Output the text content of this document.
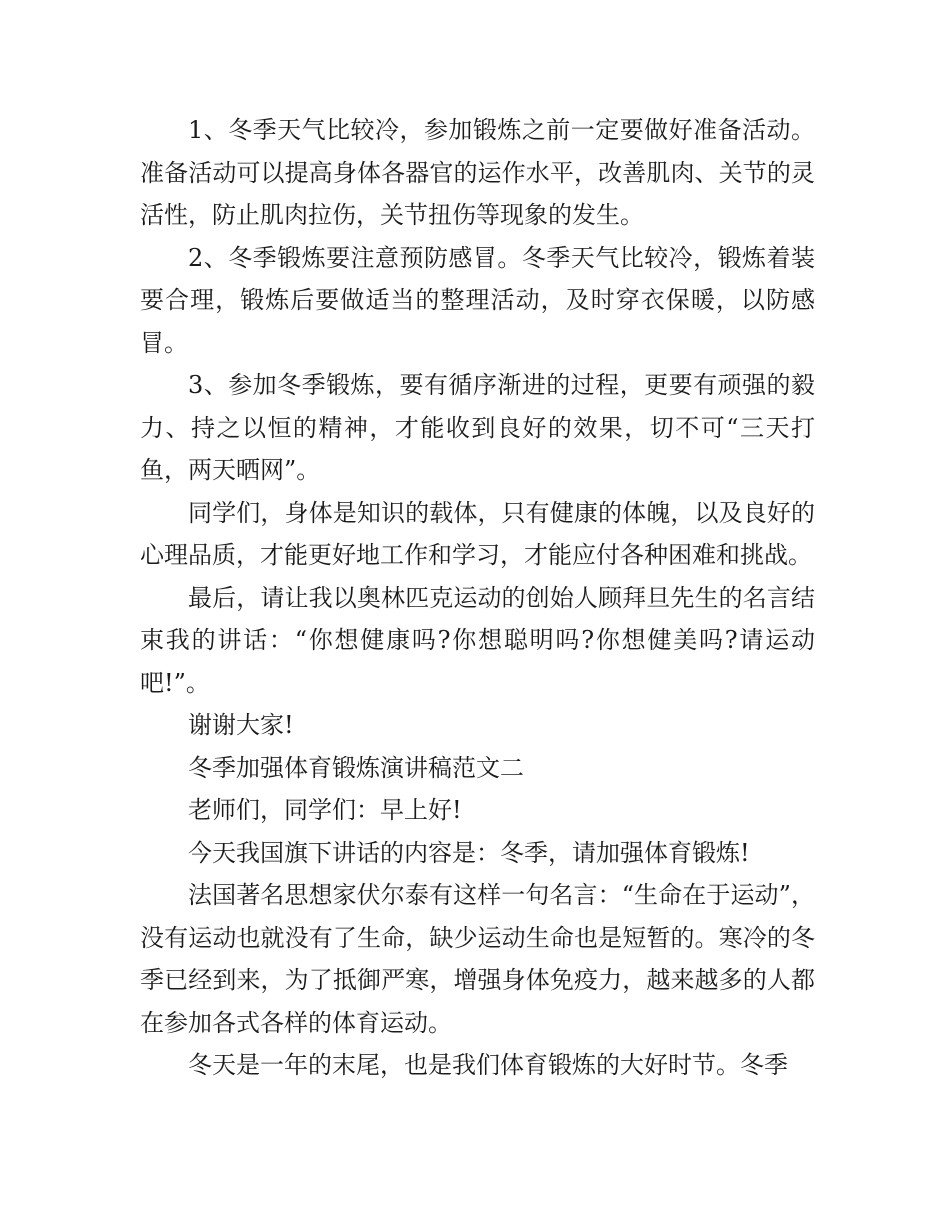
1、冬季天气比较冷，参加锻炼之前一定要做好准备活动。准备活动可以提高身体各器官的运作水平，改善肌肉、关节的灵活性，防止肌肉拉伤，关节扭伤等现象的发生。

2、冬季锻炼要注意预防感冒。冬季天气比较冷，锻炼着装要合理，锻炼后要做适当的整理活动，及时穿衣保暖，以防感冒。

3、参加冬季锻炼，要有循序渐进的过程，更要有顽强的毅力、持之以恒的精神，才能收到良好的效果，切不可“三天打鱼，两天晒网”。

同学们，身体是知识的载体，只有健康的体魄，以及良好的心理品质，才能更好地工作和学习，才能应付各种困难和挑战。

最后，请让我以奥林匹克运动的创始人顾拜旦先生的名言结束我的讲话：“你想健康吗?你想聪明吗?你想健美吗?请运动吧!”。

谢谢大家!

冬季加强体育锻炼演讲稿范文二

老师们，同学们：早上好!

今天我国旗下讲话的内容是：冬季，请加强体育锻炼!

法国著名思想家伏尔泰有这样一句名言：“生命在于运动”，没有运动也就没有了生命，缺少运动生命也是短暂的。寒冷的冬季已经到来，为了抵御严寒，增强身体免疫力，越来越多的人都在参加各式各样的体育运动。

冬天是一年的末尾，也是我们体育锻炼的大好时节。冬季
